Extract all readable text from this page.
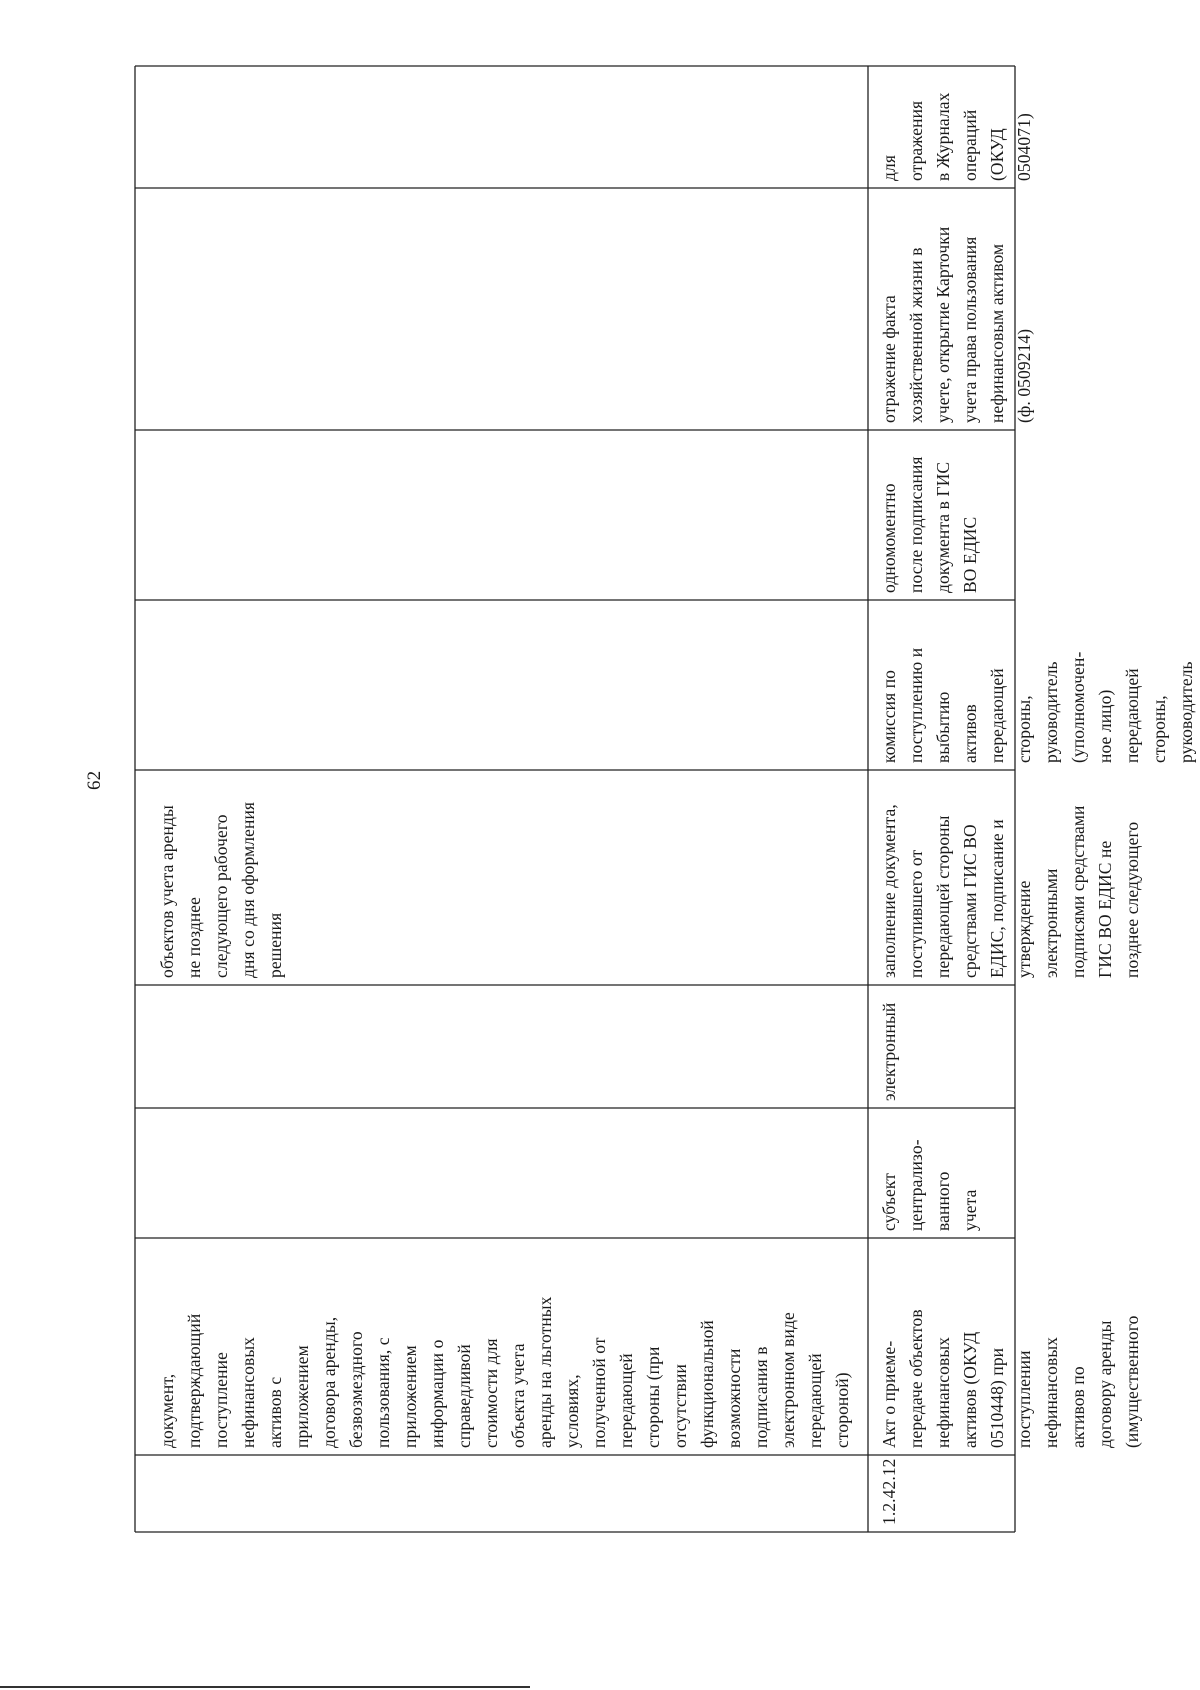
62
документ,
подтверждающий
поступление
нефинансовых
активов с
приложением
договора аренды,
безвозмездного
пользования, с
приложением
информации о
справедливой
стоимости для
объекта учета
аренды на льготных
условиях,
полученной от
передающей
стороны (при
отсутствии
функциональной
возможности
подписания в
электронном виде
передающей
стороной)
объектов учета аренды
не позднее
следующего рабочего
дня со дня оформления
решения
1.2.42.12
Акт о приеме-
передаче объектов
нефинансовых
активов (ОКУД
0510448) при
поступлении
нефинансовых
активов по
договору аренды
(имущественного
субъект
централизо-
ванного
учета
электронный
заполнение документа,
поступившего от
передающей стороны
средствами ГИС ВО
ЕДИС, подписание и
утверждение
электронными
подписями средствами
ГИС ВО ЕДИС не
позднее следующего
комиссия по
поступлению и
выбытию
активов
передающей
стороны,
руководитель
(уполномочен-
ное лицо)
передающей
стороны,
руководитель
одномоментно
после подписания
документа в ГИС
ВО ЕДИС
отражение факта
хозяйственной жизни в
учете, открытие Карточки
учета права пользования
нефинансовым активом
(ф. 0509214)
для
отражения
в Журналах
операций
(ОКУД
0504071)
